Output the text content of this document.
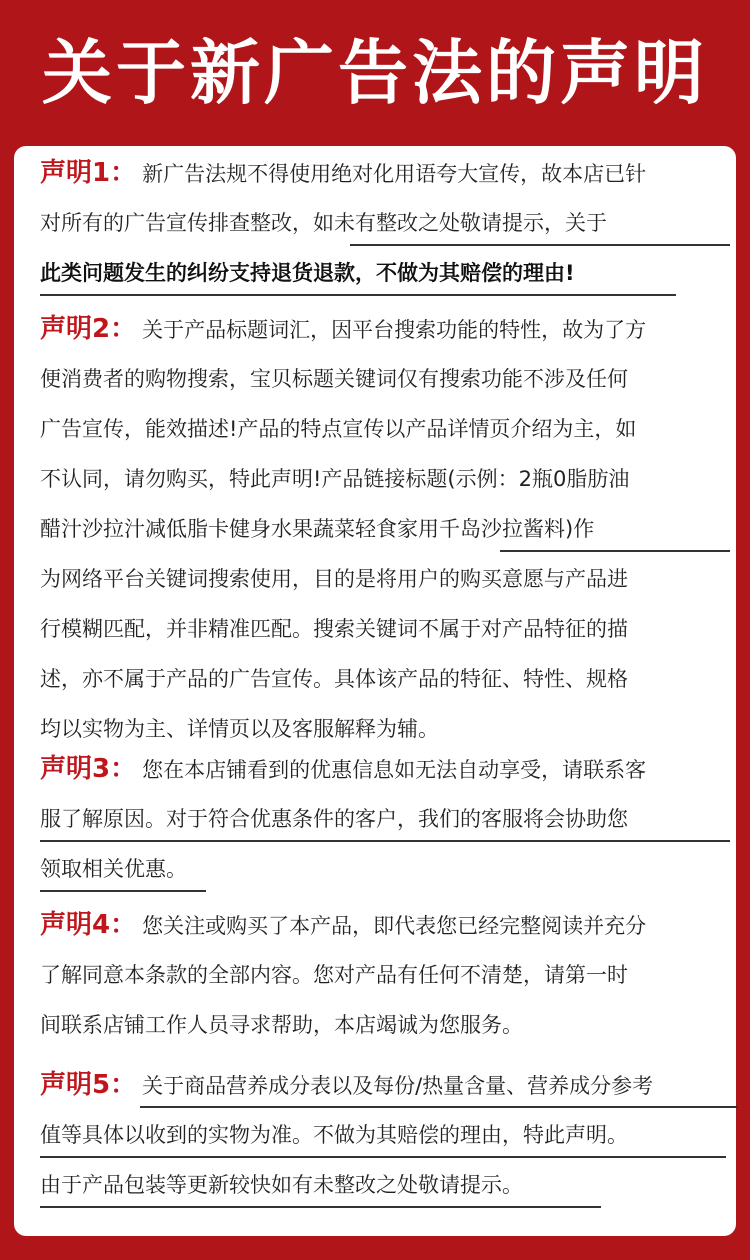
关于新广告法的声明
声明1： 新广告法规不得使用绝对化用语夸大宣传，故本店已针
对所有的广告宣传排查整改，如未有整改之处敬请提示，关于
此类问题发生的纠纷支持退货退款，不做为其赔偿的理由!
声明2： 关于产品标题词汇，因平台搜索功能的特性，故为了方
便消费者的购物搜索，宝贝标题关键词仅有搜索功能不涉及任何
广告宣传，能效描述!产品的特点宣传以产品详情页介绍为主，如
不认同，请勿购买，特此声明!产品链接标题(示例：2瓶0脂肪油
醋汁沙拉汁减低脂卡健身水果蔬菜轻食家用千岛沙拉酱料)作
为网络平台关键词搜索使用，目的是将用户的购买意愿与产品进
行模糊匹配，并非精准匹配。搜索关键词不属于对产品特征的描
述，亦不属于产品的广告宣传。具体该产品的特征、特性、规格
均以实物为主、详情页以及客服解释为辅。
声明3： 您在本店铺看到的优惠信息如无法自动享受，请联系客
服了解原因。对于符合优惠条件的客户，我们的客服将会协助您
领取相关优惠。
声明4： 您关注或购买了本产品，即代表您已经完整阅读并充分
了解同意本条款的全部内容。您对产品有任何不清楚，请第一时
间联系店铺工作人员寻求帮助，本店竭诚为您服务。
声明5： 关于商品营养成分表以及每份/热量含量、营养成分参考
值等具体以收到的实物为准。不做为其赔偿的理由，特此声明。
由于产品包装等更新较快如有未整改之处敬请提示。
